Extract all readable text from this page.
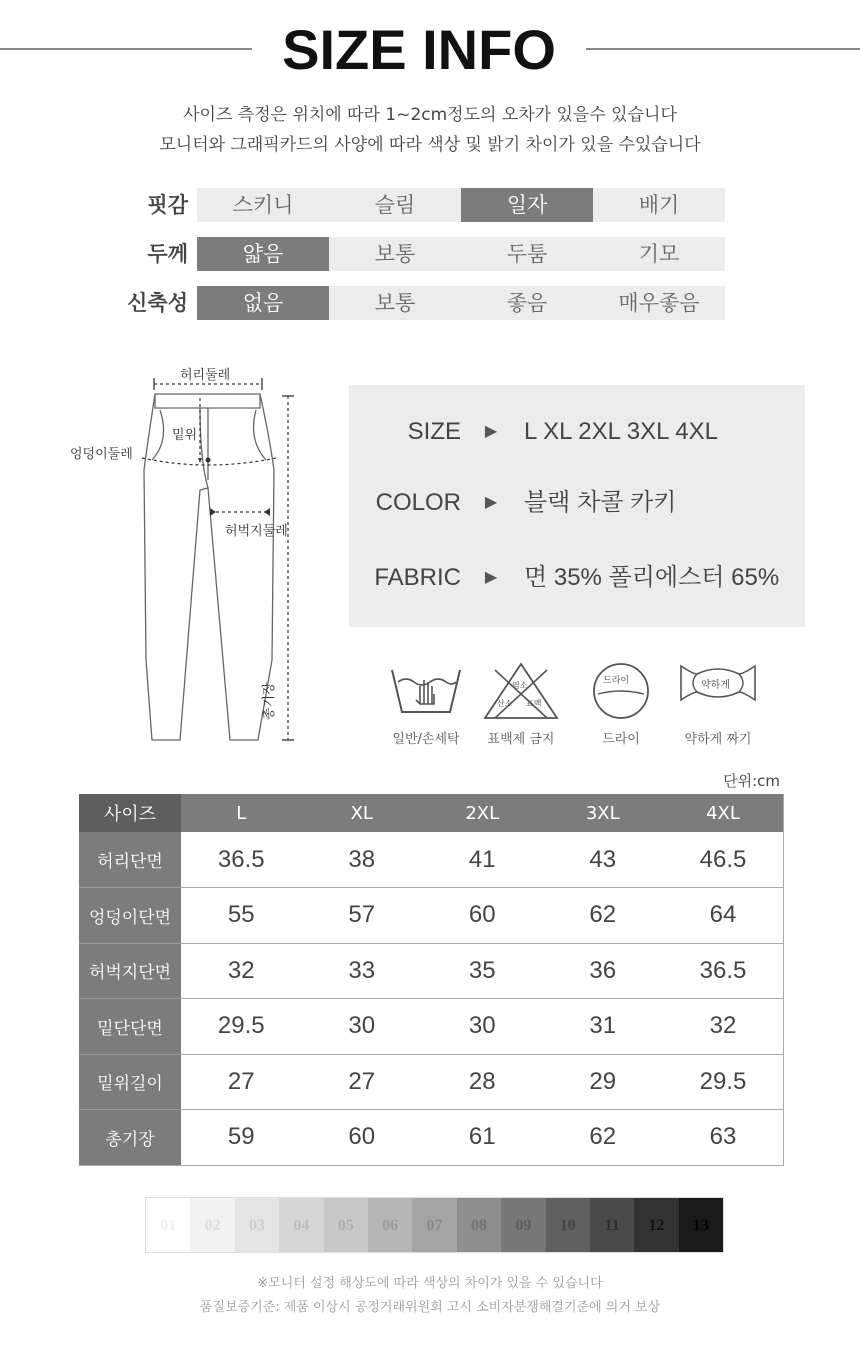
SIZE INFO
사이즈 측정은 위치에 따라 1~2cm정도의 오차가 있을수 있습니다
모니터와 그래픽카드의 사양에 따라 색상 및 밝기 차이가 있을 수있습니다
핏감	스키니	슬림	일자	배기
두께	얇음	보통	두툼	기모
신축성	없음	보통	좋음	매우좋음
허리둘레
밑위
엉덩이둘레
허벅지둘레
총기장
SIZE ▶ L XL 2XL 3XL 4XL
COLOR ▶ 블랙 차콜 카키
FABRIC ▶ 면 35% 폴리에스터 65%
일반/손세탁
염소
산소 표백
표백제 금지
드라이
드라이
약하게
약하게 짜기
단위:cm
사이즈	L	XL	2XL	3XL	4XL
허리단면	36.5	38	41	43	46.5
엉덩이단면	55	57	60	62	64
허벅지단면	32	33	35	36	36.5
밑단단면	29.5	30	30	31	32
밑위길이	27	27	28	29	29.5
총기장	59	60	61	62	63
01	02	03	04	05	06	07	08	09	10	11	12	13
※모니터 설정 해상도에 따라 색상의 차이가 있을 수 있습니다
품질보증기준: 제품 이상시 공정거래위원회 고시 소비자분쟁해결기준에 의거 보상
